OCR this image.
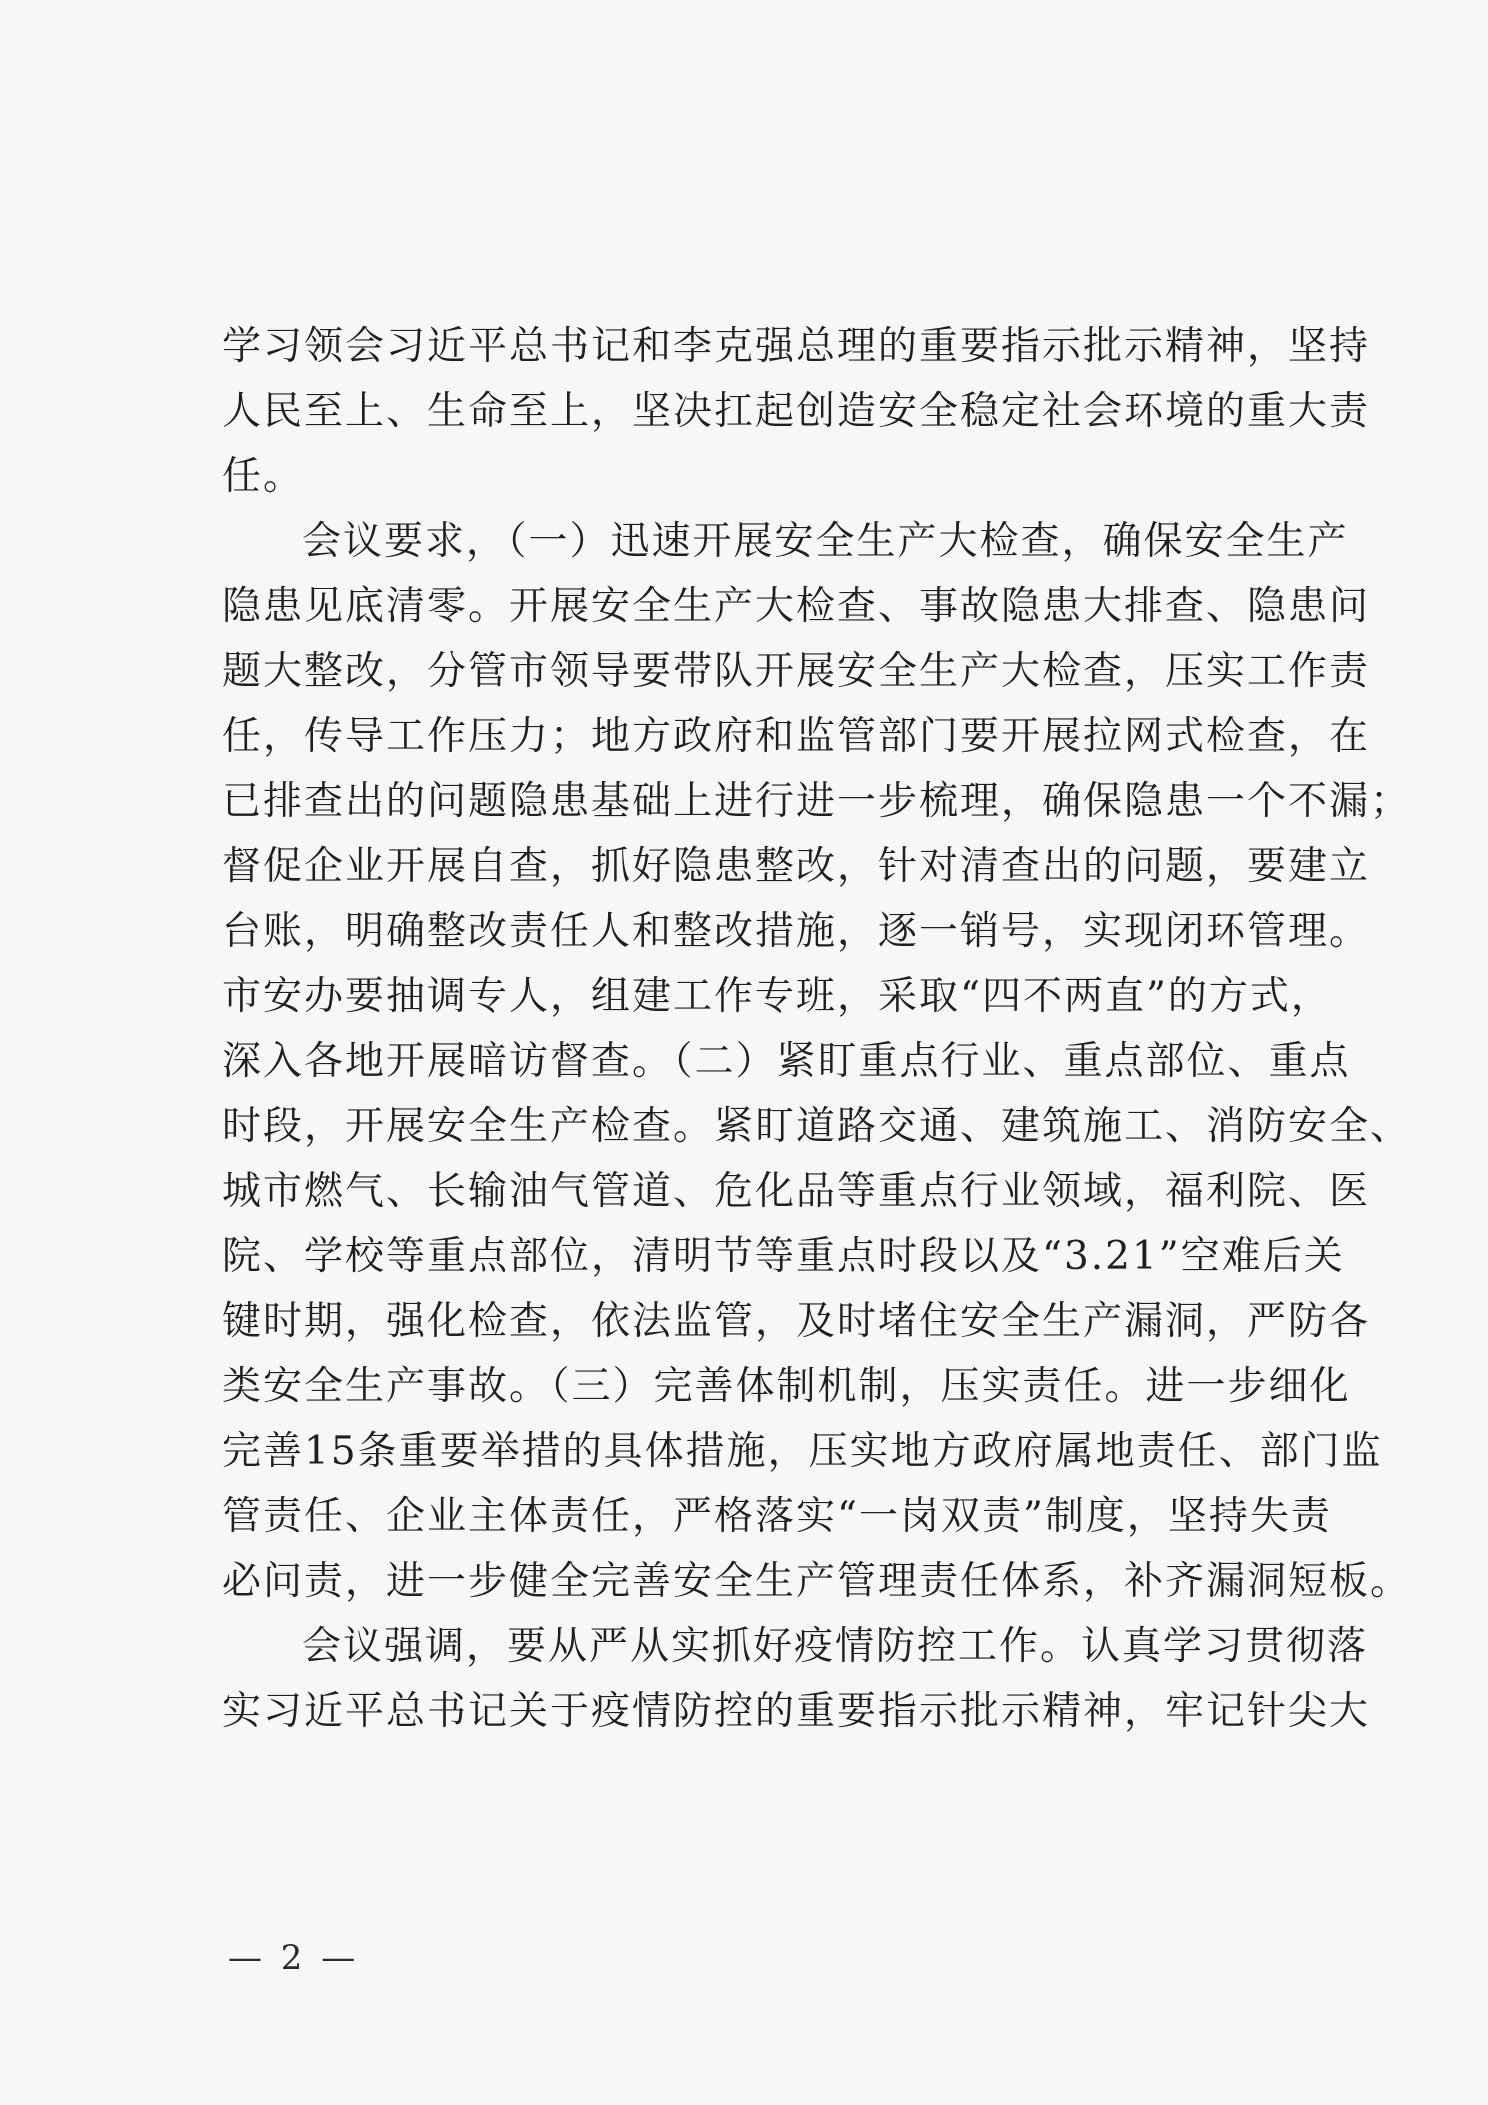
学习领会习近平总书记和李克强总理的重要指示批示精神，坚持
人民至上、生命至上，坚决扛起创造安全稳定社会环境的重大责
任。
会议要求，（一）迅速开展安全生产大检查，确保安全生产
隐患见底清零。开展安全生产大检查、事故隐患大排查、隐患问
题大整改，分管市领导要带队开展安全生产大检查，压实工作责
任，传导工作压力；地方政府和监管部门要开展拉网式检查，在
已排查出的问题隐患基础上进行进一步梳理，确保隐患一个不漏；
督促企业开展自查，抓好隐患整改，针对清查出的问题，要建立
台账，明确整改责任人和整改措施，逐一销号，实现闭环管理。
市安办要抽调专人，组建工作专班，采取“四不两直”的方式，
深入各地开展暗访督查。（二）紧盯重点行业、重点部位、重点
时段，开展安全生产检查。紧盯道路交通、建筑施工、消防安全、
城市燃气、长输油气管道、危化品等重点行业领域，福利院、医
院、学校等重点部位，清明节等重点时段以及“3.21”空难后关
键时期，强化检查，依法监管，及时堵住安全生产漏洞，严防各
类安全生产事故。（三）完善体制机制，压实责任。进一步细化
完善15条重要举措的具体措施，压实地方政府属地责任、部门监
管责任、企业主体责任，严格落实“一岗双责”制度，坚持失责
必问责，进一步健全完善安全生产管理责任体系，补齐漏洞短板。
会议强调，要从严从实抓好疫情防控工作。认真学习贯彻落
实习近平总书记关于疫情防控的重要指示批示精神，牢记针尖大
— 2 —
